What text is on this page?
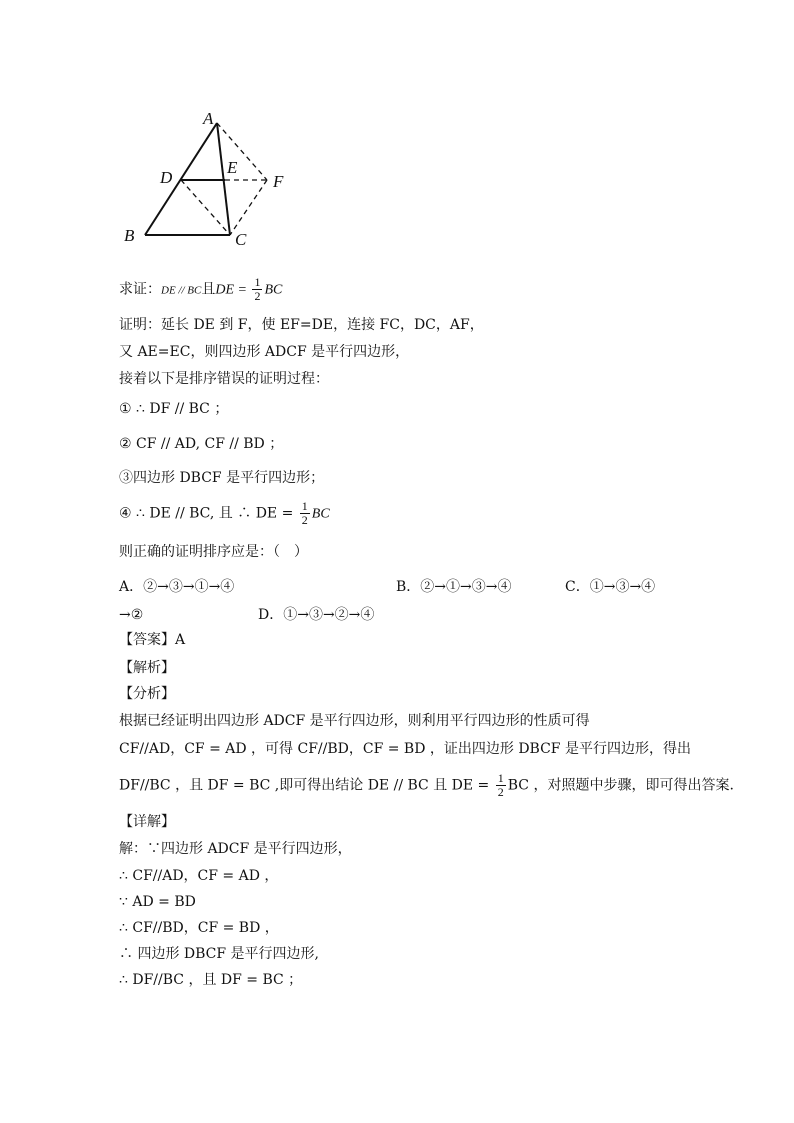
A
B	C
D
E
F
求证：DE // BC且DE = $\frac{1}{2}$ BC
证明：延长 DE 到 F，使 EF=DE，连接 FC，DC，AF，
又 AE=EC，则四边形 ADCF 是平行四边形，
接着以下是排序错误的证明过程：
① ∴ DF // BC ；
② CF // AD, CF // BD ；
③四边形 DBCF 是平行四边形；
④ ∴ DE // BC, 且 ∴ DE = $\frac{1}{2}$ BC
则正确的证明排序应是：（　）
A．②→③→①→④	B．②→①→③→④	C．①→③→④
→②	D．①→③→②→④
【答案】A
【解析】
【分析】
根据已经证明出四边形 ADCF 是平行四边形，则利用平行四边形的性质可得
CF//AD，CF = AD ，可得 CF//BD，CF = BD ，证出四边形 DBCF 是平行四边形，得出
DF//BC ，且 DF = BC ,即可得出结论 DE // BC 且 DE = $\frac{1}{2}$ BC ，对照题中步骤，即可得出答案.
【详解】
解：∵四边形 ADCF 是平行四边形，
∴ CF//AD，CF = AD ，
∵ AD = BD
∴ CF//BD，CF = BD ，
∴ 四边形 DBCF 是平行四边形,
∴ DF//BC ，且 DF = BC ；
